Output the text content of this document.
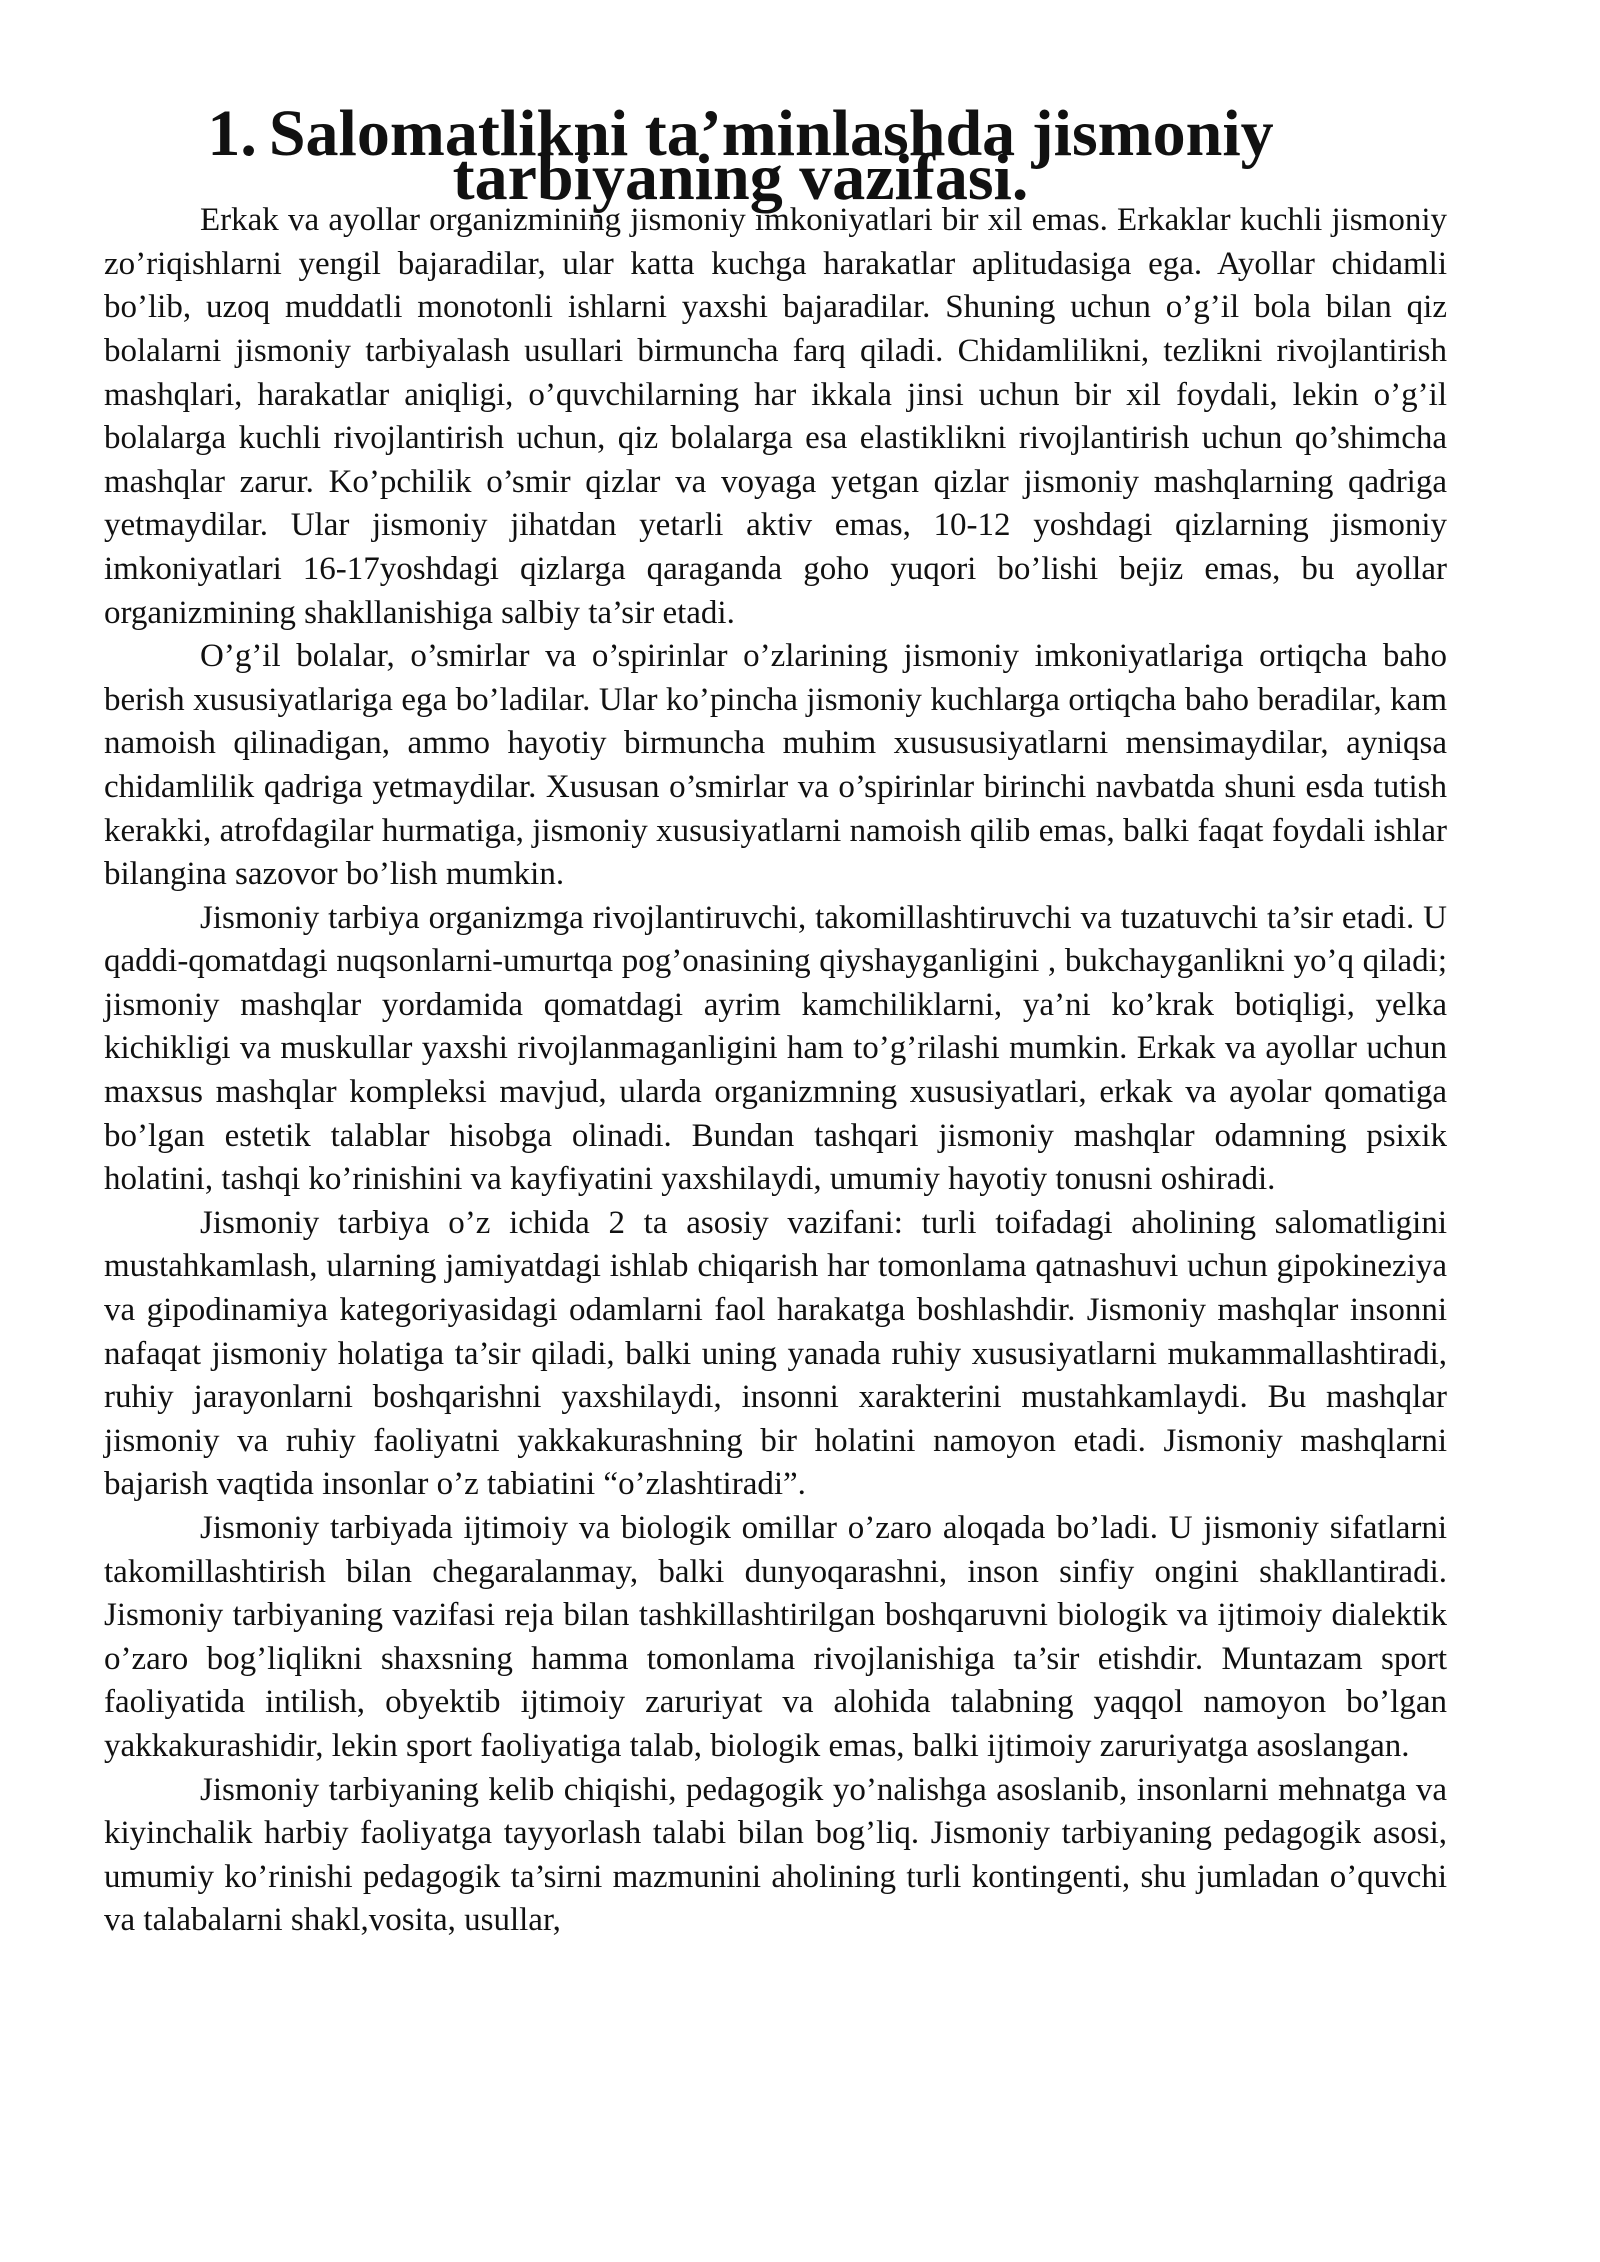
1. Salomatlikni ta’minlashda jismoniy tarbiyaning vazifasi.

Erkak va ayollar organizmining jismoniy imkoniyatlari bir xil emas. Erkaklar kuchli jismoniy zo’riqishlarni yengil bajaradilar, ular katta kuchga harakatlar aplitudasiga ega. Ayollar chidamli bo’lib, uzoq muddatli monotonli ishlarni yaxshi bajaradilar. Shuning uchun o’g’il bola bilan qiz bolalarni jismoniy tarbiyalash usullari birmuncha farq qiladi. Chidamlilikni, tezlikni rivojlantirish mashqlari, harakatlar aniqligi, o’quvchilarning har ikkala jinsi uchun bir xil foydali, lekin o’g’il bolalarga kuchli rivojlantirish uchun, qiz bolalarga esa elastiklikni rivojlantirish uchun qo’shimcha mashqlar zarur. Ko’pchilik o’smir qizlar va voyaga yetgan qizlar jismoniy mashqlarning qadriga yetmaydilar. Ular jismoniy jihatdan yetarli aktiv emas, 10-12 yoshdagi qizlarning jismoniy imkoniyatlari 16-17yoshdagi qizlarga qaraganda goho yuqori bo’lishi bejiz emas, bu ayollar organizmining shakllanishiga salbiy ta’sir etadi.

O’g’il bolalar, o’smirlar va o’spirinlar o’zlarining jismoniy imkoniyatlariga ortiqcha baho berish xususiyatlariga ega bo’ladilar. Ular ko’pincha jismoniy kuchlarga ortiqcha baho beradilar, kam namoish qilinadigan, ammo hayotiy birmuncha muhim xusususiyatlarni mensimaydilar, ayniqsa chidamlilik qadriga yetmaydilar. Xususan o’smirlar va o’spirinlar birinchi navbatda shuni esda tutish kerakki, atrofdagilar hurmatiga, jismoniy xususiyatlarni namoish qilib emas, balki faqat foydali ishlar bilangina sazovor bo’lish mumkin.

Jismoniy tarbiya organizmga rivojlantiruvchi, takomillashtiruvchi va tuzatuvchi ta’sir etadi. U qaddi-qomatdagi nuqsonlarni-umurtqa pog’onasining qiyshayganligini , bukchayganlikni yo’q qiladi; jismoniy mashqlar yordamida qomatdagi ayrim kamchiliklarni, ya’ni ko’krak botiqligi, yelka kichikligi va muskullar yaxshi rivojlanmaganligini ham to’g’rilashi mumkin. Erkak va ayollar uchun maxsus mashqlar kompleksi mavjud, ularda organizmning xususiyatlari, erkak va ayolar qomatiga bo’lgan estetik talablar hisobga olinadi. Bundan tashqari jismoniy mashqlar odamning psixik holatini, tashqi ko’rinishini va kayfiyatini yaxshilaydi, umumiy hayotiy tonusni oshiradi.

Jismoniy tarbiya o’z ichida 2 ta asosiy vazifani: turli toifadagi aholining salomatligini mustahkamlash, ularning jamiyatdagi ishlab chiqarish har tomonlama qatnashuvi uchun gipokineziya va gipodinamiya kategoriyasidagi odamlarni faol harakatga boshlashdir. Jismoniy mashqlar insonni nafaqat jismoniy holatiga ta’sir qiladi, balki uning yanada ruhiy xususiyatlarni mukammallashtiradi, ruhiy jarayonlarni boshqarishni yaxshilaydi, insonni xarakterini mustahkamlaydi. Bu mashqlar jismoniy va ruhiy faoliyatni yakkakurashning bir holatini namoyon etadi. Jismoniy mashqlarni bajarish vaqtida insonlar o’z tabiatini “o’zlashtiradi”.

Jismoniy tarbiyada ijtimoiy va biologik omillar o’zaro aloqada bo’ladi. U jismoniy sifatlarni takomillashtirish bilan chegaralanmay, balki dunyoqarashni, inson sinfiy ongini shakllantiradi. Jismoniy tarbiyaning vazifasi reja bilan tashkillashtirilgan boshqaruvni biologik va ijtimoiy dialektik o’zaro bog’liqlikni shaxsning hamma tomonlama rivojlanishiga ta’sir etishdir. Muntazam sport faoliyatida intilish, obyektib ijtimoiy zaruriyat va alohida talabning yaqqol namoyon bo’lgan yakkakurashidir, lekin sport faoliyatiga talab, biologik emas, balki ijtimoiy zaruriyatga asoslangan.

Jismoniy tarbiyaning kelib chiqishi, pedagogik yo’nalishga asoslanib, insonlarni mehnatga va kiyinchalik harbiy faoliyatga tayyorlash talabi bilan bog’liq. Jismoniy tarbiyaning pedagogik asosi, umumiy ko’rinishi pedagogik ta’sirni mazmunini aholining turli kontingenti, shu jumladan o’quvchi va talabalarni shakl,vosita, usullar,
